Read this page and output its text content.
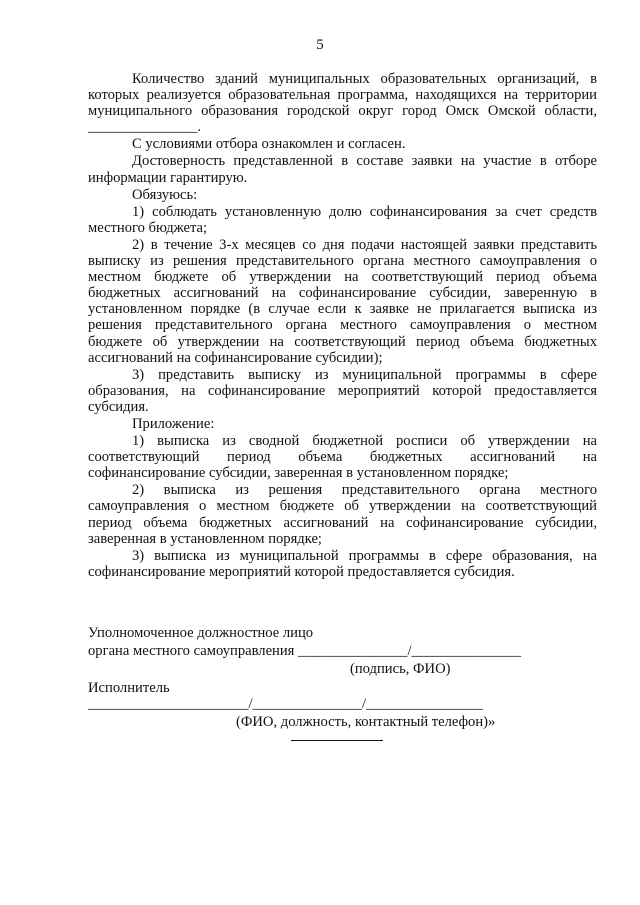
5

Количество зданий муниципальных образовательных организаций, в которых реализуется образовательная программа, находящихся на территории муниципального образования городской округ город Омск Омской области, _______________.

С условиями отбора ознакомлен и согласен.

Достоверность представленной в составе заявки на участие в отборе информации гарантирую.

Обязуюсь:

1) соблюдать установленную долю софинансирования за счет средств местного бюджета;

2) в течение 3-х месяцев со дня подачи настоящей заявки представить выписку из решения представительного органа местного самоуправления о местном бюджете об утверждении на соответствующий период объема бюджетных ассигнований на софинансирование субсидии, заверенную в установленном порядке (в случае если к заявке не прилагается выписка из решения представительного органа местного самоуправления о местном бюджете об утверждении на соответствующий период объема бюджетных ассигнований на софинансирование субсидии);

3) представить выписку из муниципальной программы в сфере образования, на софинансирование мероприятий которой предоставляется субсидия.

Приложение:

1) выписка из сводной бюджетной росписи об утверждении на соответствующий период объема бюджетных ассигнований на софинансирование субсидии, заверенная в установленном порядке;

2) выписка из решения представительного органа местного самоуправления о местном бюджете об утверждении на соответствующий период объема бюджетных ассигнований на софинансирование субсидии, заверенная в установленном порядке;

3) выписка из муниципальной программы в сфере образования, на софинансирование мероприятий которой предоставляется субсидия.

Уполномоченное должностное лицо
органа местного самоуправления _______________/_______________
(подпись, ФИО)
Исполнитель
______________________/_______________/________________
(ФИО, должность, контактный телефон)»
